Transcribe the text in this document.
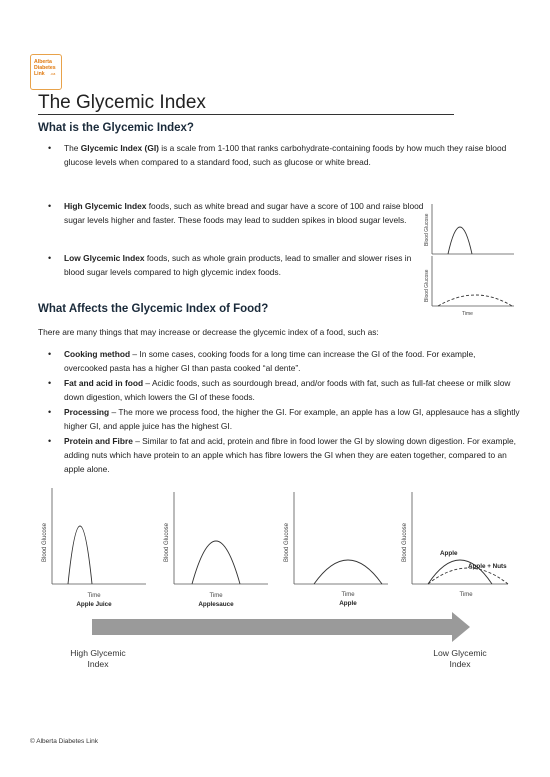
Alberta
Diabetes
Link	.ca
The Glycemic Index
What is the Glycemic Index?
• The Glycemic Index (GI) is a scale from 1-100 that ranks carbohydrate-containing foods by how much they raise blood glucose levels when compared to a standard food, such as glucose or white bread.
• High Glycemic Index foods, such as white bread and sugar have a score of 100 and raise blood sugar levels higher and faster. These foods may lead to sudden spikes in blood sugar levels.
• Low Glycemic Index foods, such as whole grain products, lead to smaller and slower rises in blood sugar levels compared to high glycemic index foods.
Blood Glucose
Blood Glucose
Time
What Affects the Glycemic Index of Food?
There are many things that may increase or decrease the glycemic index of a food, such as:
• Cooking method – In some cases, cooking foods for a long time can increase the GI of the food. For example, overcooked pasta has a higher GI than pasta cooked “al dente”.
• Fat and acid in food – Acidic foods, such as sourdough bread, and/or foods with fat, such as full-fat cheese or milk slow down digestion, which lowers the GI of these foods.
• Processing – The more we process food, the higher the GI. For example, an apple has a low GI, applesauce has a slightly higher GI, and apple juice has the highest GI.
• Protein and Fibre – Similar to fat and acid, protein and fibre in food lower the GI by slowing down digestion. For example, adding nuts which have protein to an apple which has fibre lowers the GI when they are eaten together, compared to an apple alone.
Blood Glucose
Time
Apple Juice
Blood Glucose
Time
Applesauce
Blood Glucose
Time
Apple
Blood Glucose	Apple
Apple + Nuts
Time
High Glycemic
Index
Low Glycemic
Index
© Alberta Diabetes Link
